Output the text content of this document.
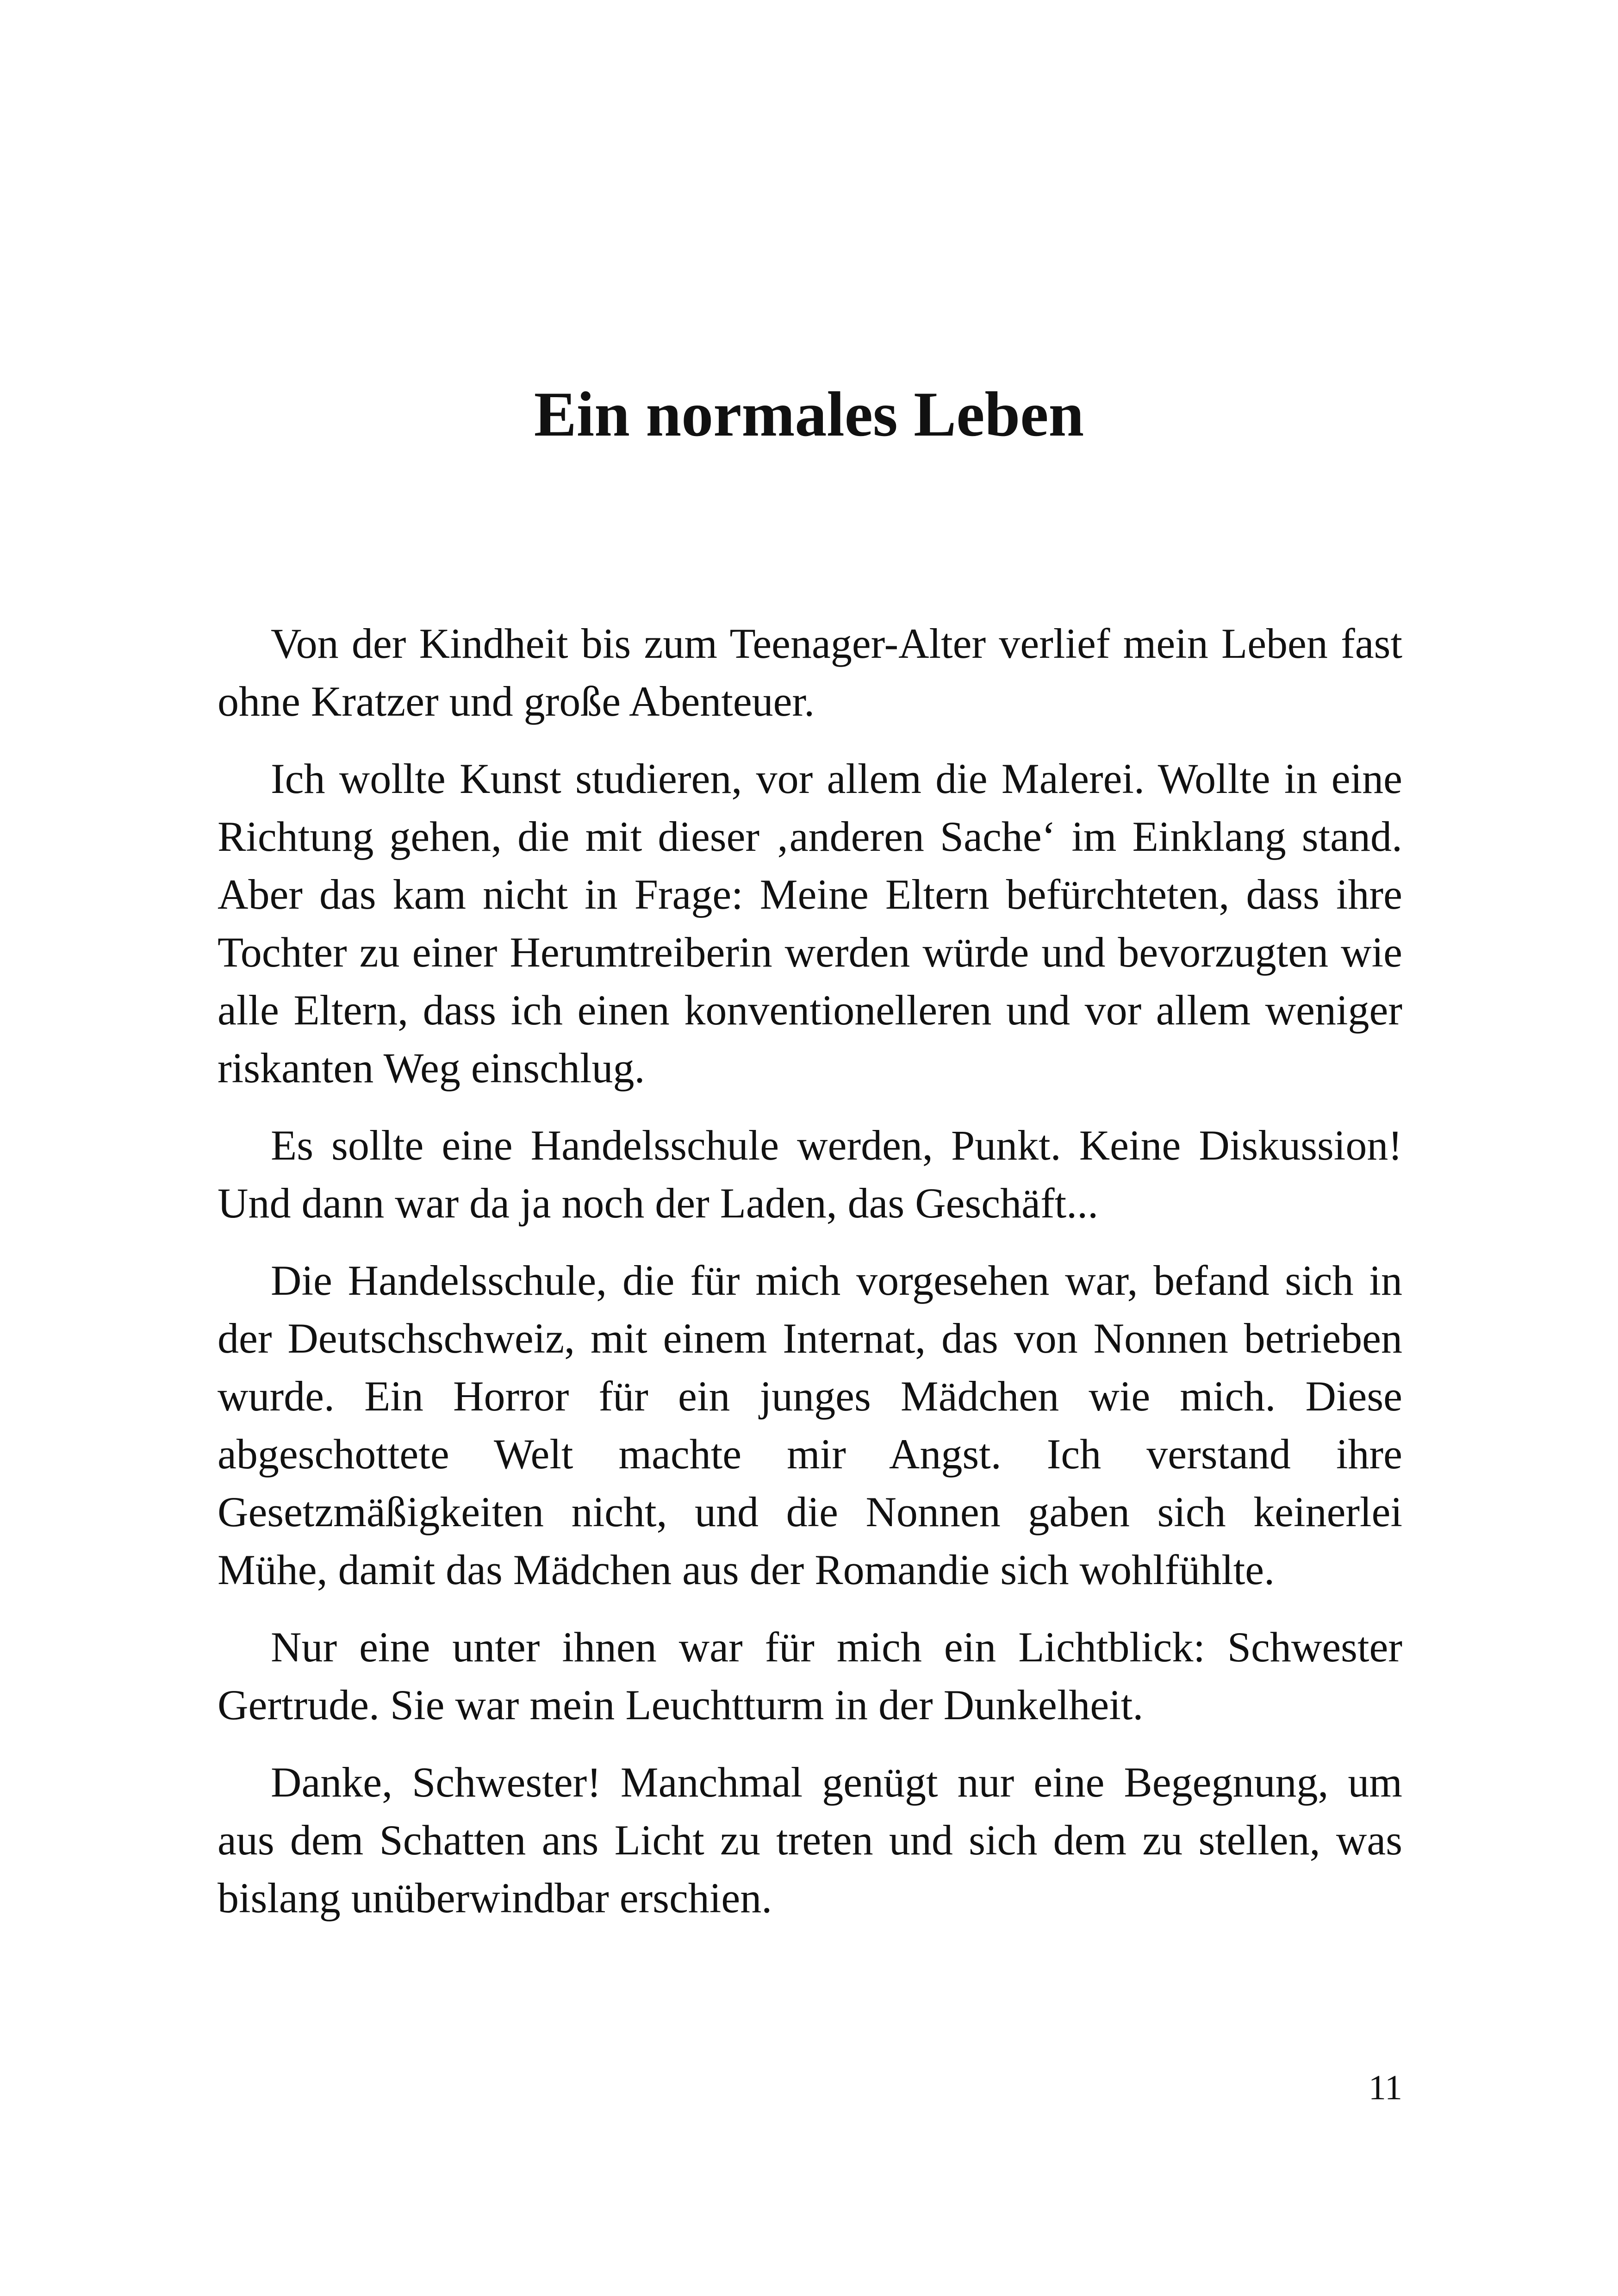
Ein normales Leben

Von der Kindheit bis zum Teenager-Alter verlief mein Leben fast ohne Kratzer und große Abenteuer.

Ich wollte Kunst studieren, vor allem die Malerei. Wollte in eine Richtung gehen, die mit dieser ‚anderen Sache‘ im Einklang stand. Aber das kam nicht in Frage: Meine Eltern befürchteten, dass ihre Tochter zu einer Herumtreiberin werden würde und bevorzugten wie alle Eltern, dass ich einen konventionelleren und vor allem weniger riskanten Weg einschlug.

Es sollte eine Handelsschule werden, Punkt. Keine Diskussion! Und dann war da ja noch der Laden, das Geschäft...

Die Handelsschule, die für mich vorgesehen war, befand sich in der Deutschschweiz, mit einem Internat, das von Nonnen betrieben wurde. Ein Horror für ein junges Mädchen wie mich. Diese abgeschottete Welt machte mir Angst. Ich verstand ihre Gesetzmäßigkeiten nicht, und die Nonnen gaben sich keinerlei Mühe, damit das Mädchen aus der Romandie sich wohlfühlte.

Nur eine unter ihnen war für mich ein Lichtblick: Schwester Gertrude. Sie war mein Leuchtturm in der Dunkelheit.

Danke, Schwester! Manchmal genügt nur eine Begegnung, um aus dem Schatten ans Licht zu treten und sich dem zu stellen, was bislang unüberwindbar erschien.

11
